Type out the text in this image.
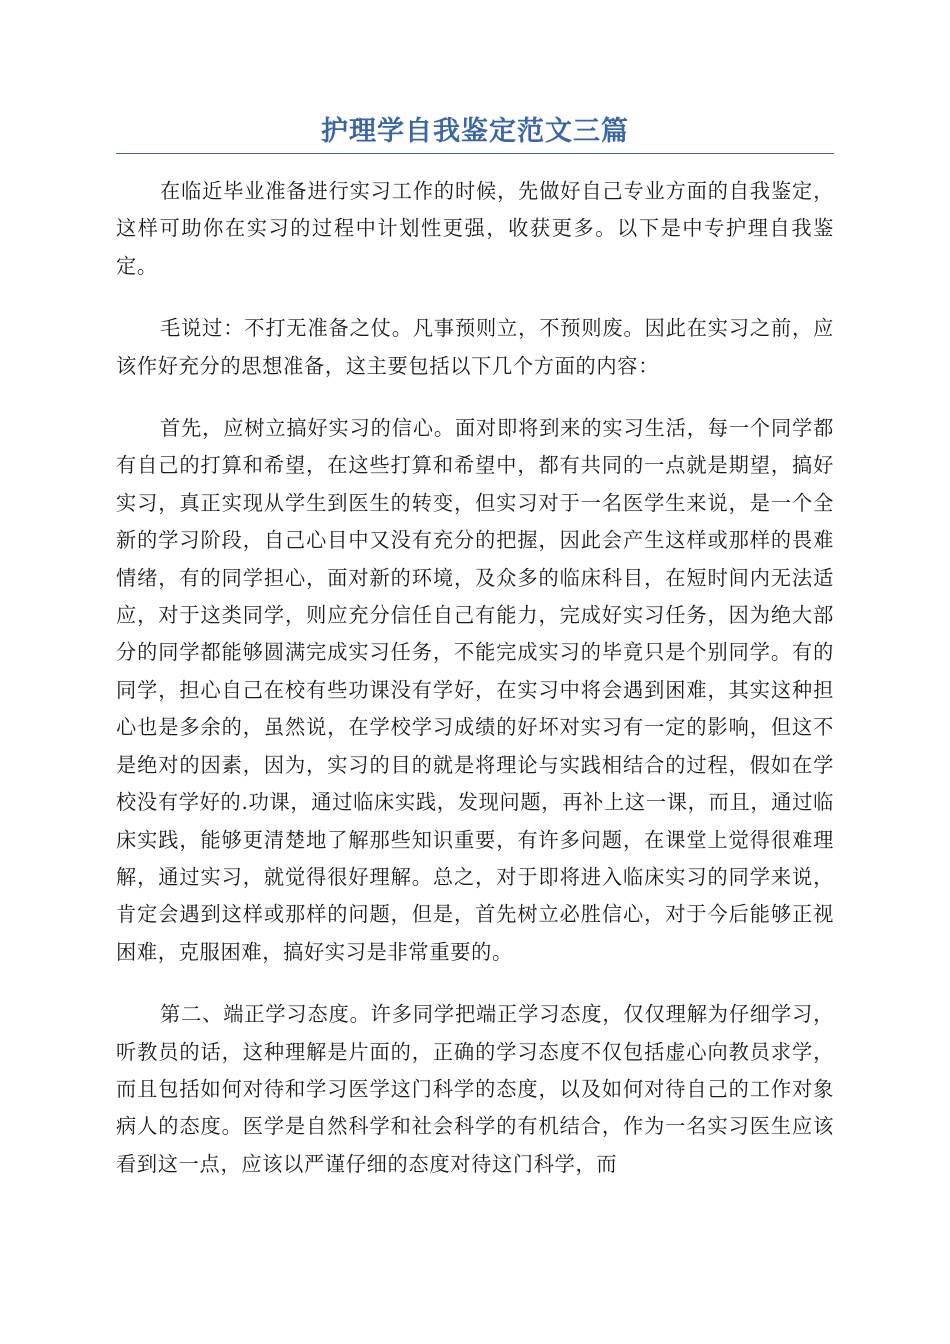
护理学自我鉴定范文三篇

在临近毕业准备进行实习工作的时候，先做好自己专业方面的自我鉴定，这样可助你在实习的过程中计划性更强，收获更多。以下是中专护理自我鉴定。

毛说过：不打无准备之仗。凡事预则立，不预则废。因此在实习之前，应该作好充分的思想准备，这主要包括以下几个方面的内容：

首先，应树立搞好实习的信心。面对即将到来的实习生活，每一个同学都有自己的打算和希望，在这些打算和希望中，都有共同的一点就是期望，搞好实习，真正实现从学生到医生的转变，但实习对于一名医学生来说，是一个全新的学习阶段，自己心目中又没有充分的把握，因此会产生这样或那样的畏难情绪，有的同学担心，面对新的环境，及众多的临床科目，在短时间内无法适应，对于这类同学，则应充分信任自己有能力，完成好实习任务，因为绝大部分的同学都能够圆满完成实习任务，不能完成实习的毕竟只是个别同学。有的同学，担心自己在校有些功课没有学好，在实习中将会遇到困难，其实这种担心也是多余的，虽然说，在学校学习成绩的好坏对实习有一定的影响，但这不是绝对的因素，因为，实习的目的就是将理论与实践相结合的过程，假如在学校没有学好的.功课，通过临床实践，发现问题，再补上这一课，而且，通过临床实践，能够更清楚地了解那些知识重要，有许多问题，在课堂上觉得很难理解，通过实习，就觉得很好理解。总之，对于即将进入临床实习的同学来说，肯定会遇到这样或那样的问题，但是，首先树立必胜信心，对于今后能够正视困难，克服困难，搞好实习是非常重要的。

第二、端正学习态度。许多同学把端正学习态度，仅仅理解为仔细学习，听教员的话，这种理解是片面的，正确的学习态度不仅包括虚心向教员求学，而且包括如何对待和学习医学这门科学的态度，以及如何对待自己的工作对象病人的态度。医学是自然科学和社会科学的有机结合，作为一名实习医生应该看到这一点，应该以严谨仔细的态度对待这门科学，而
